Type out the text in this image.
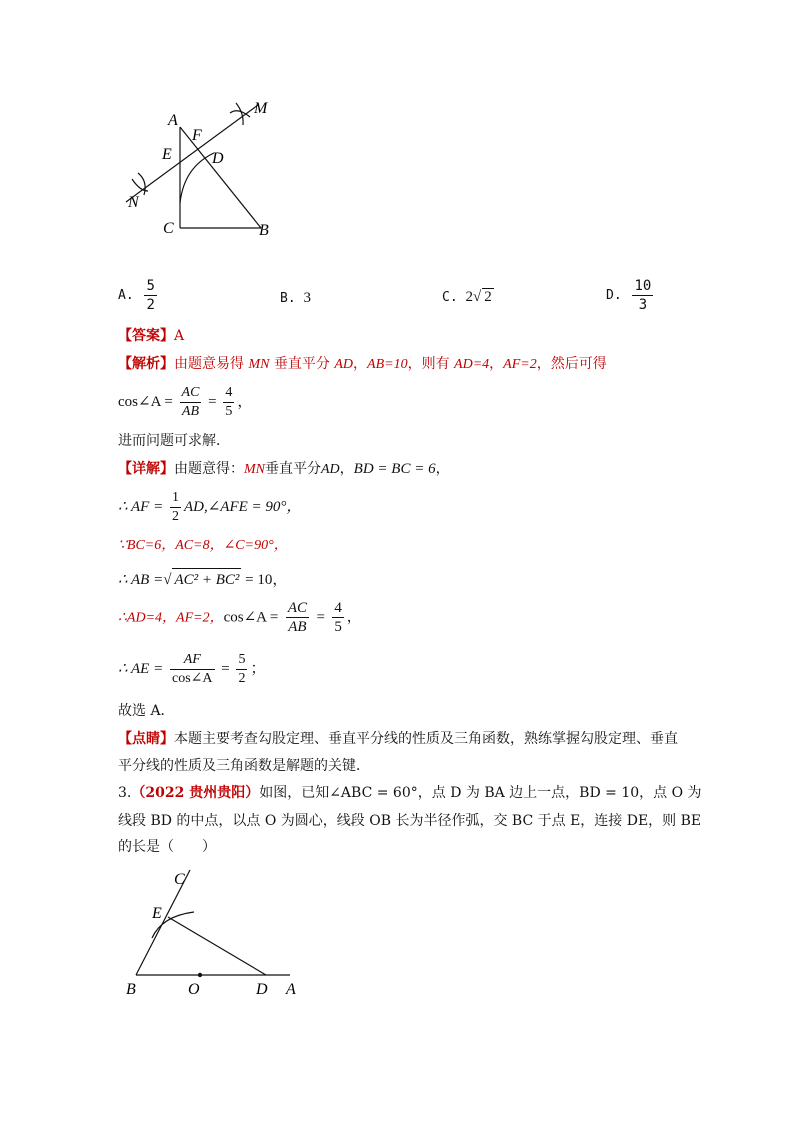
A
F
M
E	D
N
C	B
A. $\frac{5}{2}$	B. 3	C. 2√ 2	D. $\frac{10}{3}$
【答案】A
【解析】由题意易得 MN 垂直平分 AD，AB=10，则有 AD=4，AF=2，然后可得
cos∠A = $\frac{AC}{AB} = \frac{4}{5}$ ，
进而问题可求解．
【详解】由题意得：MN垂直平分AD，BD = BC = 6，
∴ AF = $\frac{1}{2}$ AD,∠AFE = 90°，
∵BC=6，AC=8，∠C=90°，
∴ AB =√ AC² + BC² = 10，
∴AD=4，AF=2，cos∠A = $\frac{AC}{AB} = \frac{4}{5}$ ，
∴ AE = $\frac{AF}{\cos\angle A} = \frac{5}{2}$ ；
故选 A．
【点睛】本题主要考查勾股定理、垂直平分线的性质及三角函数，熟练掌握勾股定理、垂直
平分线的性质及三角函数是解题的关键．
3.（2022 贵州贵阳）如图，已知∠ABC = 60°，点 D 为 BA 边上一点，BD = 10，点 O 为
线段 BD 的中点，以点 O 为圆心，线段 OB 长为半径作弧，交 BC 于点 E，连接 DE，则 BE
的长是（　　）
C
E
B	O	D A
